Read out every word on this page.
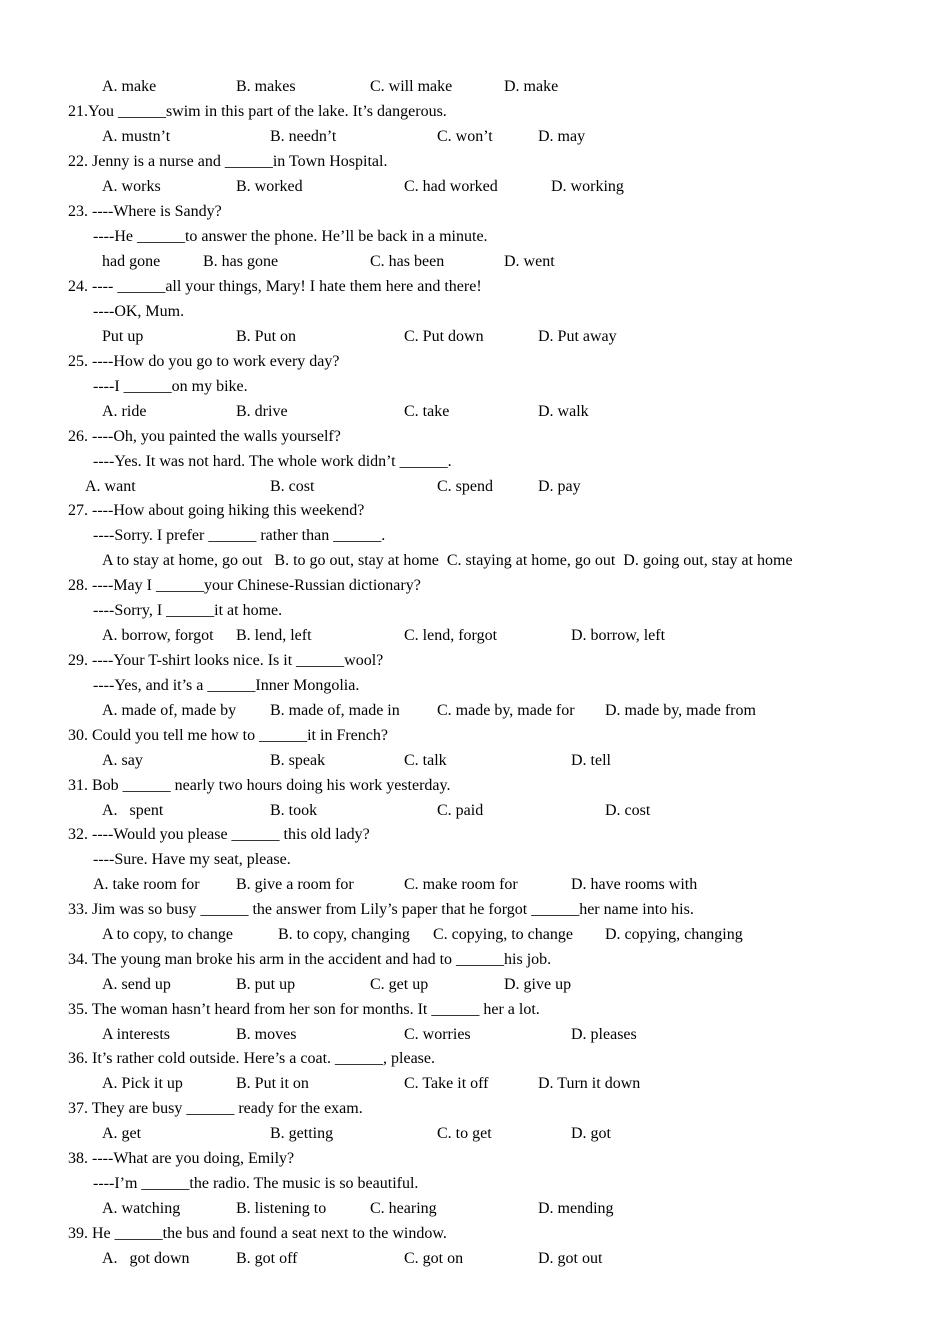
A. make	B. makes	C. will make	D. make
21.You ______swim in this part of the lake. It’s dangerous.
A. mustn’t	B. needn’t	C. won’t	D. may
22. Jenny is a nurse and ______in Town Hospital.
A. works	B. worked	C. had worked	D. working
23. ----Where is Sandy?
----He ______to answer the phone. He’ll be back in a minute.
had gone	B. has gone	C. has been	D. went
24. ---- ______all your things, Mary! I hate them here and there!
----OK, Mum.
Put up	B. Put on	C. Put down	D. Put away
25. ----How do you go to work every day?
----I ______on my bike.
A. ride	B. drive	C. take	D. walk
26. ----Oh, you painted the walls yourself?
----Yes. It was not hard. The whole work didn’t ______.
A. want	B. cost	C. spend	D. pay
27. ----How about going hiking this weekend?
----Sorry. I prefer ______ rather than ______.
A to stay at home, go out   B. to go out, stay at home  C. staying at home, go out  D. going out, stay at home
28. ----May I ______your Chinese-Russian dictionary?
----Sorry, I ______it at home.
A. borrow, forgot B. lend, left	C. lend, forgot	D. borrow, left
29. ----Your T-shirt looks nice. Is it ______wool?
----Yes, and it’s a ______Inner Mongolia.
A. made of, made by B. made of, made in C. made by, made for D. made by, made from
30. Could you tell me how to ______it in French?
A. say	B. speak	C. talk	D. tell
31. Bob ______ nearly two hours doing his work yesterday.
A.   spent	B. took	C. paid	D. cost
32. ----Would you please ______ this old lady?
----Sure. Have my seat, please.
A. take room for B. give a room for	C. make room for	D. have rooms with
33. Jim was so busy ______ the answer from Lily’s paper that he forgot ______her name into his.
A to copy, to change	B. to copy, changing C. copying, to change D. copying, changing
34. The young man broke his arm in the accident and had to ______his job.
A. send up	B. put up	C. get up	D. give up
35. The woman hasn’t heard from her son for months. It ______ her a lot.
A interests	B. moves	C. worries	D. pleases
36. It’s rather cold outside. Here’s a coat. ______, please.
A. Pick it up	B. Put it on	C. Take it off	D. Turn it down
37. They are busy ______ ready for the exam.
A. get	B. getting	C. to get	D. got
38. ----What are you doing, Emily?
----I’m ______the radio. The music is so beautiful.
A. watching	B. listening to	C. hearing	D. mending
39. He ______the bus and found a seat next to the window.
A.   got down	B. got off	C. got on	D. got out
